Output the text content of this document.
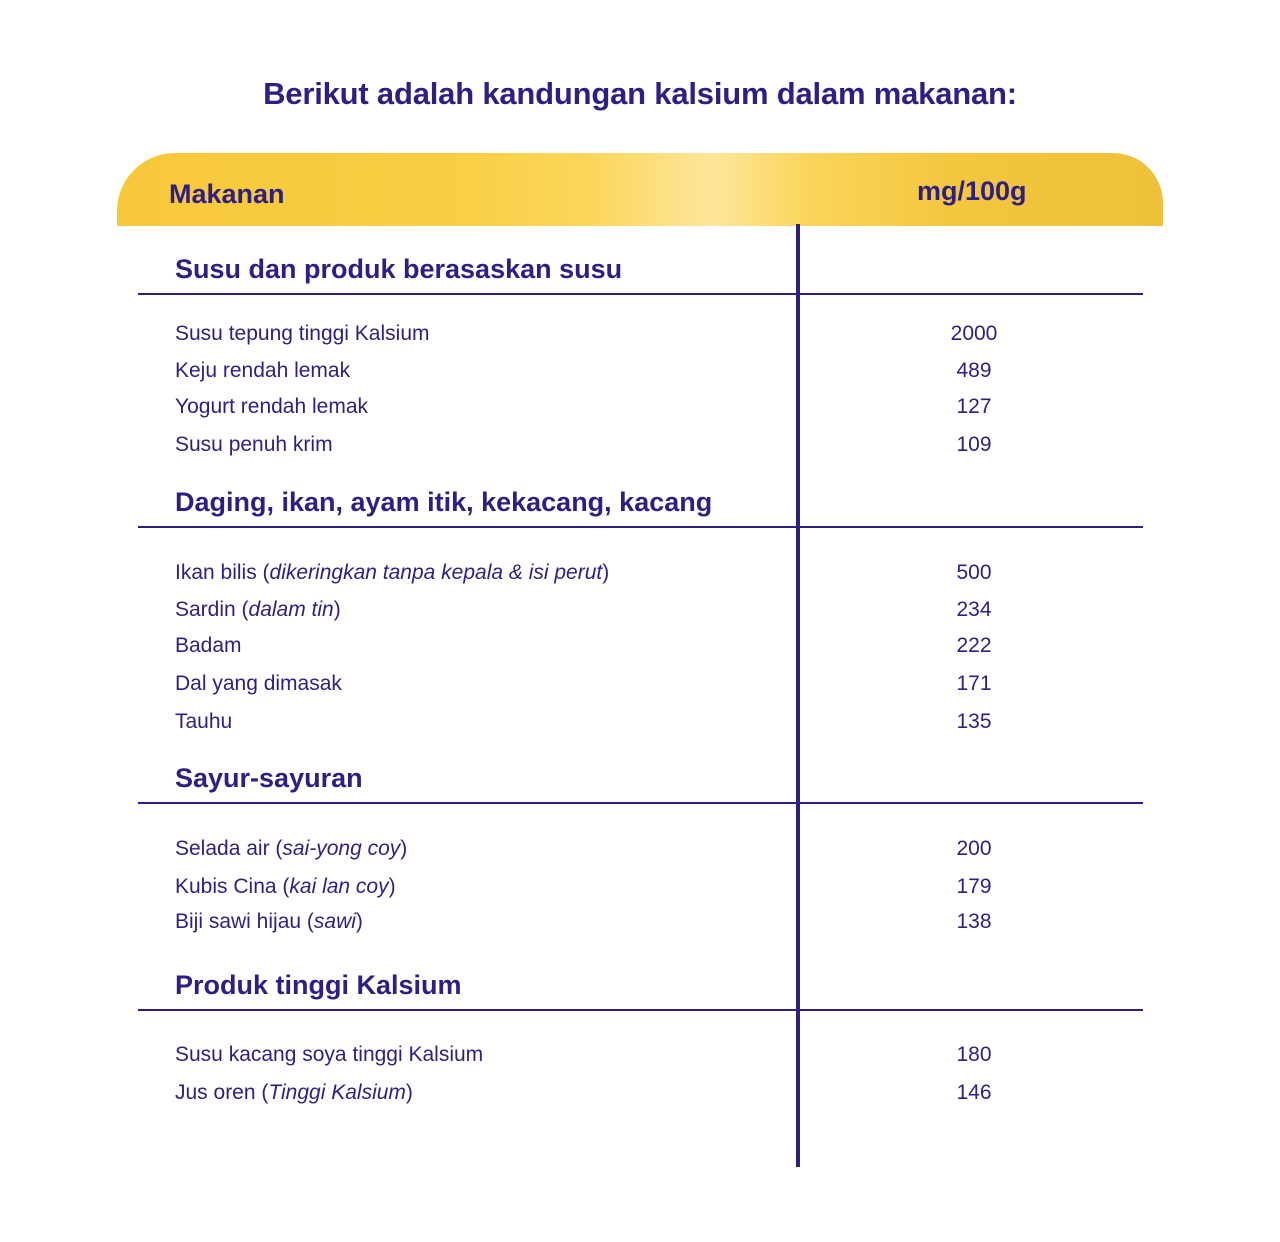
Berikut adalah kandungan kalsium dalam makanan:
Makanan	mg/100g
Susu dan produk berasaskan susu
Susu tepung tinggi Kalsium	2000
Keju rendah lemak	489
Yogurt rendah lemak	127
Susu penuh krim	109
Daging, ikan, ayam itik, kekacang, kacang
Ikan bilis (dikeringkan tanpa kepala & isi perut)	500
Sardin (dalam tin)	234
Badam	222
Dal yang dimasak	171
Tauhu	135
Sayur-sayuran
Selada air (sai-yong coy)	200
Kubis Cina (kai lan coy)	179
Biji sawi hijau (sawi)	138
Produk tinggi Kalsium
Susu kacang soya tinggi Kalsium	180
Jus oren (Tinggi Kalsium)	146
